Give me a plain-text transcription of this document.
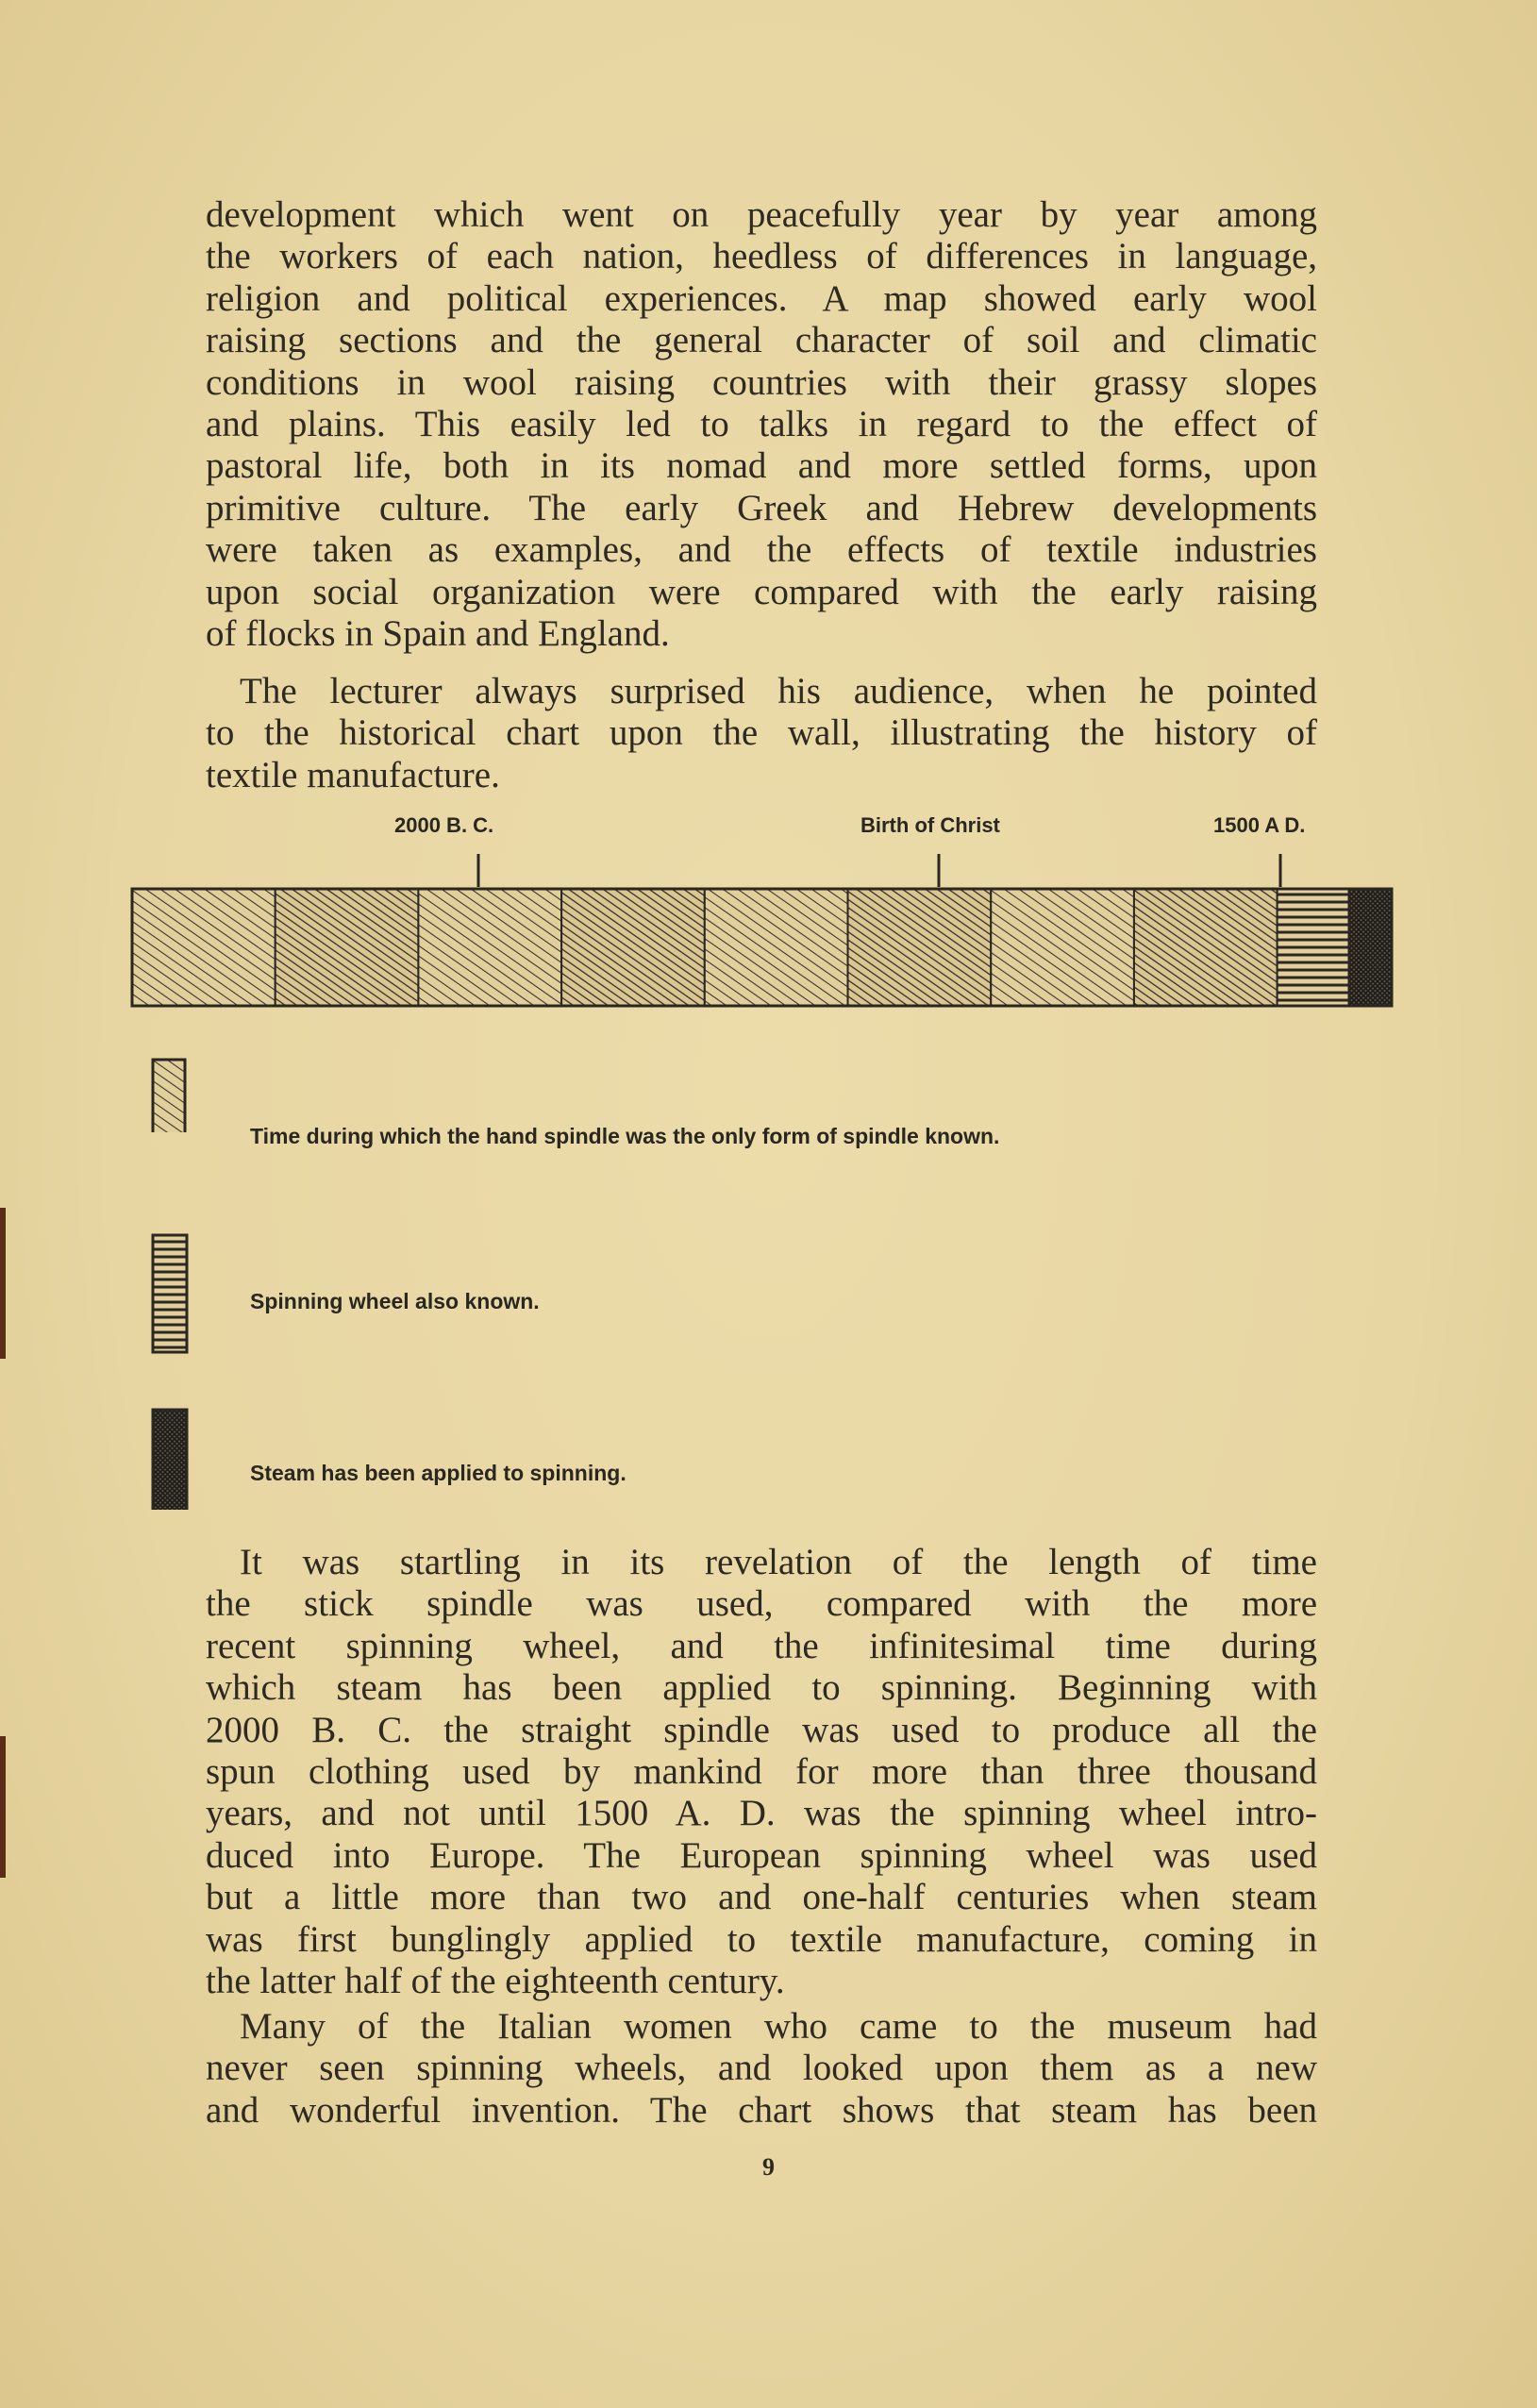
development which went on peacefully year by year among
the workers of each nation, heedless of differences in language,
religion and political experiences. A map showed early wool
raising sections and the general character of soil and climatic
conditions in wool raising countries with their grassy slopes
and plains. This easily led to talks in regard to the effect of
pastoral life, both in its nomad and more settled forms, upon
primitive culture. The early Greek and Hebrew developments
were taken as examples, and the effects of textile industries
upon social organization were compared with the early raising
of flocks in Spain and England.
The lecturer always surprised his audience, when he pointed
to the historical chart upon the wall, illustrating the history of
textile manufacture.
2000 B. C.	Birth of Christ	1500 A D.
Time during which the hand spindle was the only form of spindle known.
Spinning wheel also known.
Steam has been applied to spinning.
It was startling in its revelation of the length of time
the stick spindle was used, compared with the more
recent spinning wheel, and the infinitesimal time during
which steam has been applied to spinning. Beginning with
2000 B. C. the straight spindle was used to produce all the
spun clothing used by mankind for more than three thousand
years, and not until 1500 A. D. was the spinning wheel intro-
duced into Europe. The European spinning wheel was used
but a little more than two and one-half centuries when steam
was first bunglingly applied to textile manufacture, coming in
the latter half of the eighteenth century.
Many of the Italian women who came to the museum had
never seen spinning wheels, and looked upon them as a new
and wonderful invention. The chart shows that steam has been
9
